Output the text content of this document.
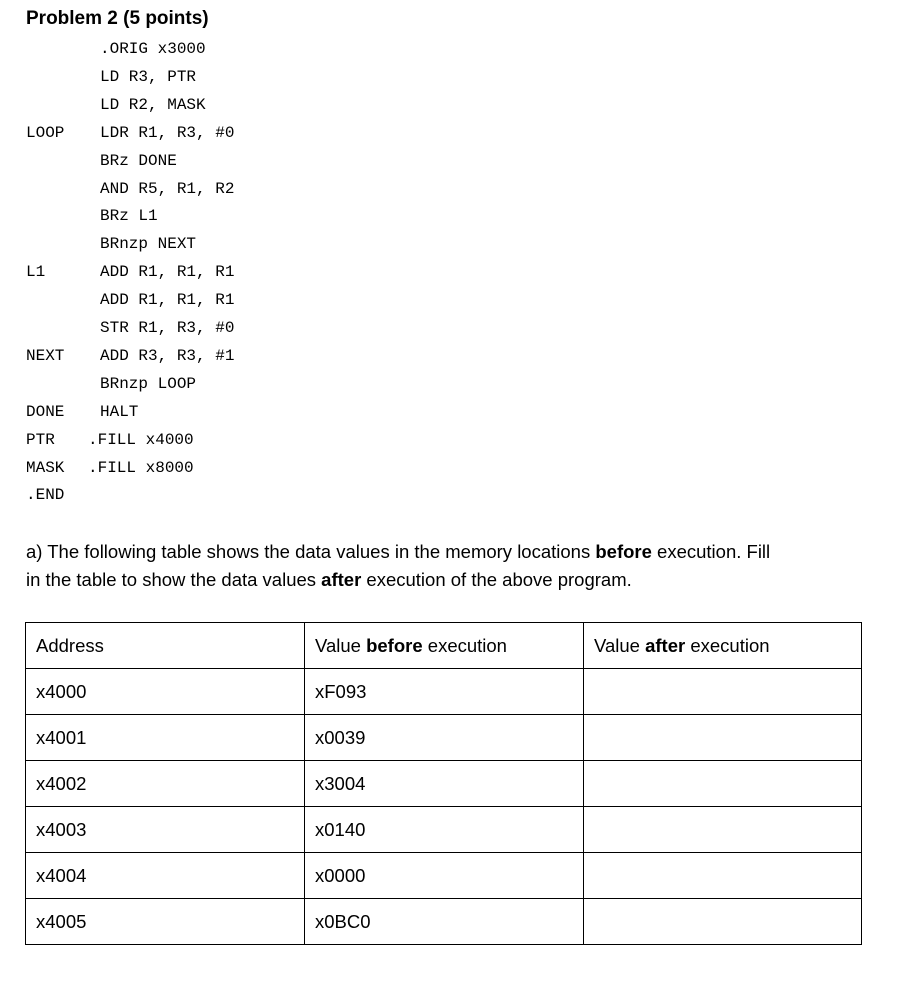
Problem 2 (5 points)
.ORIG x3000
LD R3, PTR
LD R2, MASK
LOOP LDR R1, R3, #0
BRz DONE
AND R5, R1, R2
BRz L1
BRnzp NEXT
L1	ADD R1, R1, R1
ADD R1, R1, R1
STR R1, R3, #0
NEXT ADD R3, R3, #1
BRnzp LOOP
DONE HALT
PTR .FILL x4000
MASK .FILL x8000
.END
a) The following table shows the data values in the memory locations before execution. Fill
in the table to show the data values after execution of the above program.
Address	Value before execution	Value after execution
x4000	xF093	
x4001	x0039	
x4002	x3004	
x4003	x0140	
x4004	x0000	
x4005	x0BC0	
